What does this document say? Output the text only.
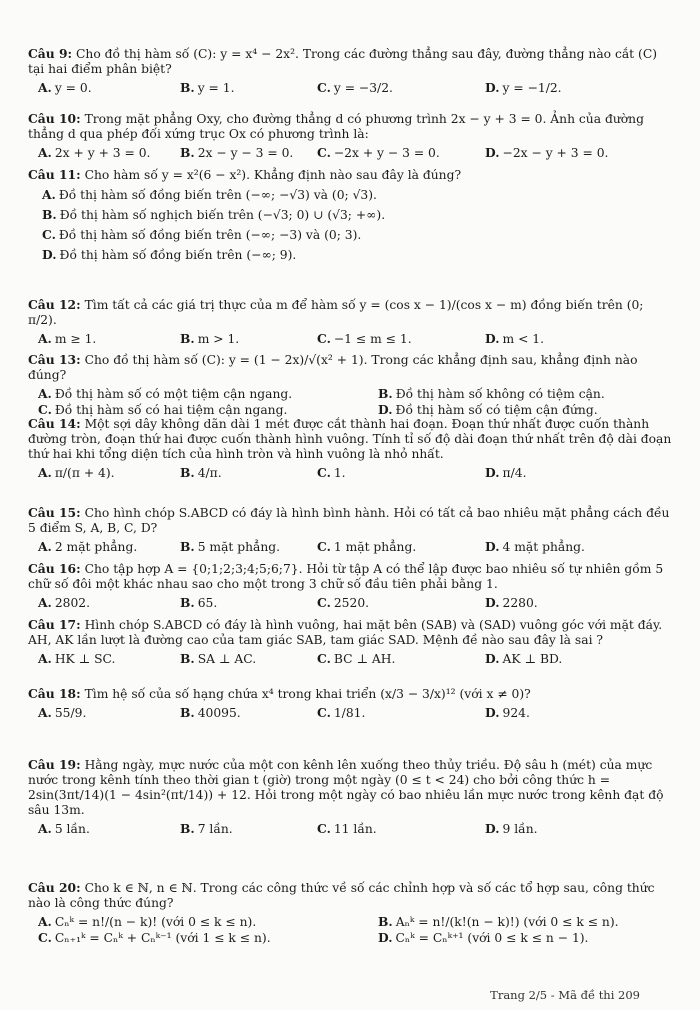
Câu 9: Cho đồ thị hàm số (C): y = x⁴ − 2x². Trong các đường thẳng sau đây, đường thẳng nào cắt (C) tại hai điểm phân biệt?

A. y = 0.	B. y = 1.	C. y = −3/2.	D. y = −1/2.

Câu 10: Trong mặt phẳng Oxy, cho đường thẳng d có phương trình 2x − y + 3 = 0. Ảnh của đường thẳng d qua phép đối xứng trục Ox có phương trình là:

A. 2x + y + 3 = 0.	B. 2x − y − 3 = 0.	C. −2x + y − 3 = 0.	D. −2x − y + 3 = 0.

Câu 11: Cho hàm số y = x²(6 − x²). Khẳng định nào sau đây là đúng?

A. Đồ thị hàm số đồng biến trên (−∞; −√3) và (0; √3).
B. Đồ thị hàm số nghịch biến trên (−√3; 0) ∪ (√3; +∞).
C. Đồ thị hàm số đồng biến trên (−∞; −3) và (0; 3).
D. Đồ thị hàm số đồng biến trên (−∞; 9).

Câu 12: Tìm tất cả các giá trị thực của m để hàm số y = (cos x − 1)/(cos x − m) đồng biến trên (0; π/2).

A. m ≥ 1.	B. m > 1.	C. −1 ≤ m ≤ 1.	D. m < 1.

Câu 13: Cho đồ thị hàm số (C): y = (1 − 2x)/√(x² + 1). Trong các khẳng định sau, khẳng định nào đúng?

A. Đồ thị hàm số có một tiệm cận ngang.	B. Đồ thị hàm số không có tiệm cận.
C. Đồ thị hàm số có hai tiệm cận ngang.	D. Đồ thị hàm số có tiệm cận đứng.

Câu 14: Một sợi dây không dãn dài 1 mét được cắt thành hai đoạn. Đoạn thứ nhất được cuốn thành đường tròn, đoạn thứ hai được cuốn thành hình vuông. Tính tỉ số độ dài đoạn thứ nhất trên độ dài đoạn thứ hai khi tổng diện tích của hình tròn và hình vuông là nhỏ nhất.

A. π/(π + 4).	B. 4/π.	C. 1.	D. π/4.

Câu 15: Cho hình chóp S.ABCD có đáy là hình bình hành. Hỏi có tất cả bao nhiêu mặt phẳng cách đều 5 điểm S, A, B, C, D?

A. 2 mặt phẳng.	B. 5 mặt phẳng.	C. 1 mặt phẳng.	D. 4 mặt phẳng.

Câu 16: Cho tập hợp A = {0;1;2;3;4;5;6;7}. Hỏi từ tập A có thể lập được bao nhiêu số tự nhiên gồm 5 chữ số đôi một khác nhau sao cho một trong 3 chữ số đầu tiên phải bằng 1.

A. 2802.	B. 65.	C. 2520.	D. 2280.

Câu 17: Hình chóp S.ABCD có đáy là hình vuông, hai mặt bên (SAB) và (SAD) vuông góc với mặt đáy. AH, AK lần lượt là đường cao của tam giác SAB, tam giác SAD. Mệnh đề nào sau đây là sai ?

A. HK ⊥ SC.	B. SA ⊥ AC.	C. BC ⊥ AH.	D. AK ⊥ BD.

Câu 18: Tìm hệ số của số hạng chứa x⁴ trong khai triển (x/3 − 3/x)¹² (với x ≠ 0)?

A. 55/9.	B. 40095.	C. 1/81.	D. 924.

Câu 19: Hằng ngày, mực nước của một con kênh lên xuống theo thủy triều. Độ sâu h (mét) của mực nước trong kênh tính theo thời gian t (giờ) trong một ngày (0 ≤ t < 24) cho bởi công thức h = 2sin(3πt/14)(1 − 4sin²(πt/14)) + 12. Hỏi trong một ngày có bao nhiêu lần mực nước trong kênh đạt độ sâu 13m.

A. 5 lần.	B. 7 lần.	C. 11 lần.	D. 9 lần.

Câu 20: Cho k ∈ ℕ, n ∈ ℕ. Trong các công thức về số các chỉnh hợp và số các tổ hợp sau, công thức nào là công thức đúng?

A. Cₙᵏ = n!/(n − k)! (với 0 ≤ k ≤ n).	B. Aₙᵏ = n!/(k!(n − k)!) (với 0 ≤ k ≤ n).
C. Cₙ₊₁ᵏ = Cₙᵏ + Cₙᵏ⁻¹ (với 1 ≤ k ≤ n).	D. Cₙᵏ = Cₙᵏ⁺¹ (với 0 ≤ k ≤ n − 1).
Trang 2/5 - Mã đề thi 209
